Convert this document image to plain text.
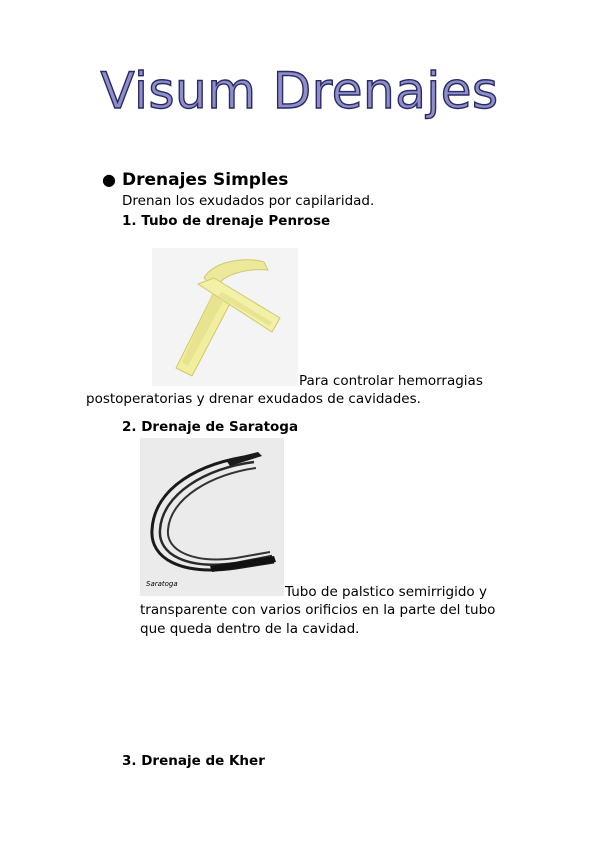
Visum Drenajes
● Drenajes Simples
Drenan los exudados por capilaridad.
1. Tubo de drenaje Penrose
Para controlar hemorragias
postoperatorias y drenar exudados de cavidades.
2. Drenaje de Saratoga
Saratoga	Tubo de palstico semirrigido y
transparente con varios orificios en la parte del tubo
que queda dentro de la cavidad.
3. Drenaje de Kher
